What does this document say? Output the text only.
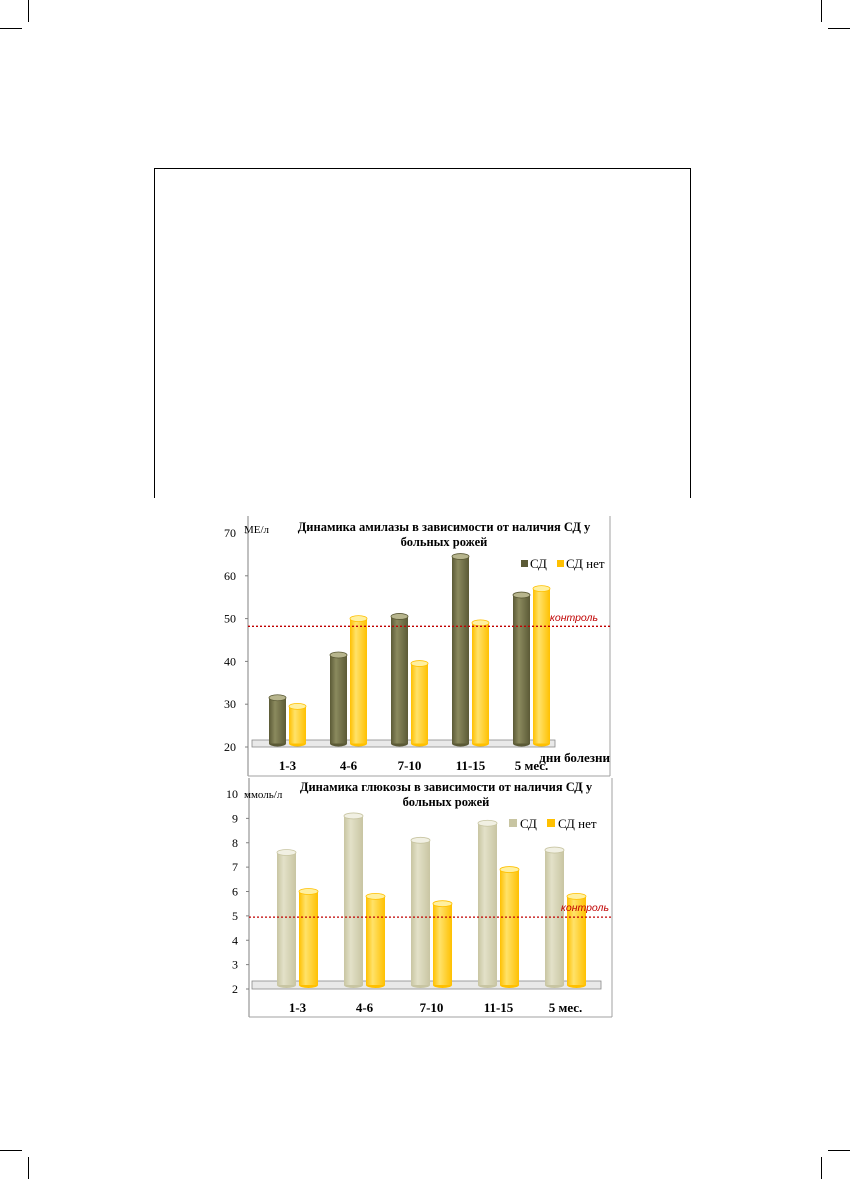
20
30
40
50
60
70
1-3	4-6	7-10	11-15 5 мес.
Динамика амилазы в зависимости от наличия СД у
больных рожей
МЕ/л
дни болезни
контроль
СД СД нет
2
3
4
5
6
7
8
9
10
1-3	4-6	7-10	11-15	5 мес.
Динамика глюкозы в зависимости от наличия СД у
больных рожей
ммоль/л
контроль
СД СД нет
